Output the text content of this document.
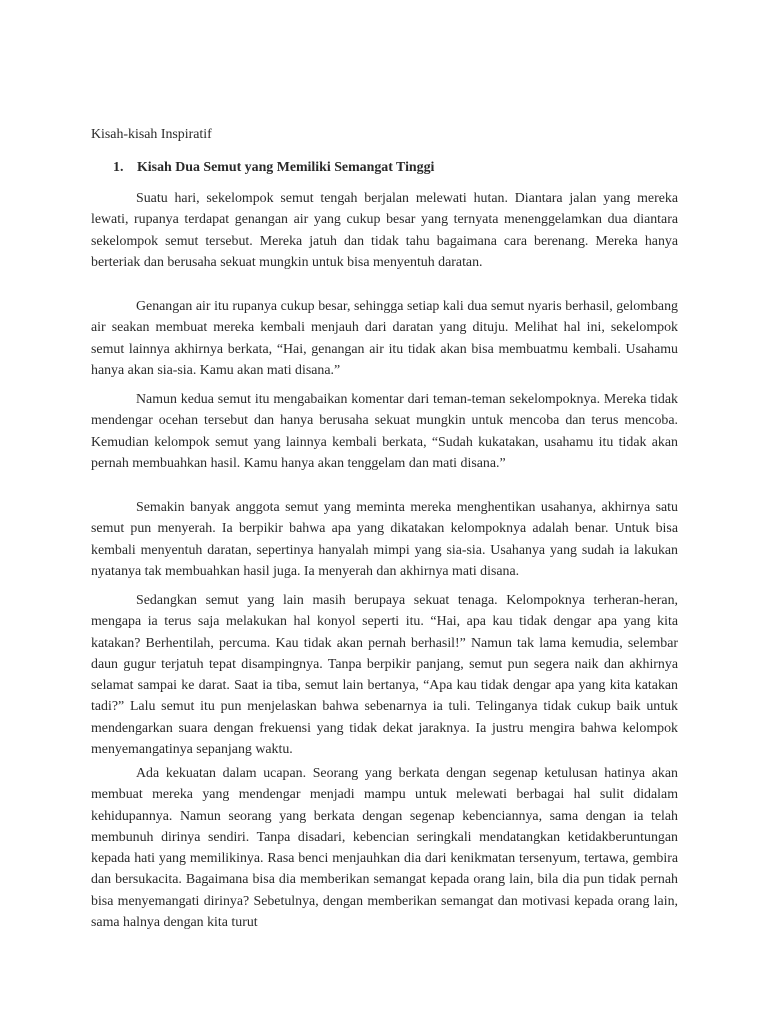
Kisah-kisah Inspiratif

1. Kisah Dua Semut yang Memiliki Semangat Tinggi

Suatu hari, sekelompok semut tengah berjalan melewati hutan. Diantara jalan yang mereka lewati, rupanya terdapat genangan air yang cukup besar yang ternyata menenggelamkan dua diantara sekelompok semut tersebut. Mereka jatuh dan tidak tahu bagaimana cara berenang. Mereka hanya berteriak dan berusaha sekuat mungkin untuk bisa menyentuh daratan.

Genangan air itu rupanya cukup besar, sehingga setiap kali dua semut nyaris berhasil, gelombang air seakan membuat mereka kembali menjauh dari daratan yang dituju. Melihat hal ini, sekelompok semut lainnya akhirnya berkata, “Hai, genangan air itu tidak akan bisa membuatmu kembali. Usahamu hanya akan sia-sia. Kamu akan mati disana.”

Namun kedua semut itu mengabaikan komentar dari teman-teman sekelompoknya. Mereka tidak mendengar ocehan tersebut dan hanya berusaha sekuat mungkin untuk mencoba dan terus mencoba. Kemudian kelompok semut yang lainnya kembali berkata, “Sudah kukatakan, usahamu itu tidak akan pernah membuahkan hasil. Kamu hanya akan tenggelam dan mati disana.”

Semakin banyak anggota semut yang meminta mereka menghentikan usahanya, akhirnya satu semut pun menyerah. Ia berpikir bahwa apa yang dikatakan kelompoknya adalah benar. Untuk bisa kembali menyentuh daratan, sepertinya hanyalah mimpi yang sia-sia. Usahanya yang sudah ia lakukan nyatanya tak membuahkan hasil juga. Ia menyerah dan akhirnya mati disana.

Sedangkan semut yang lain masih berupaya sekuat tenaga. Kelompoknya terheran-heran, mengapa ia terus saja melakukan hal konyol seperti itu. “Hai, apa kau tidak dengar apa yang kita katakan? Berhentilah, percuma. Kau tidak akan pernah berhasil!” Namun tak lama kemudia, selembar daun gugur terjatuh tepat disampingnya. Tanpa berpikir panjang, semut pun segera naik dan akhirnya selamat sampai ke darat. Saat ia tiba, semut lain bertanya, “Apa kau tidak dengar apa yang kita katakan tadi?” Lalu semut itu pun menjelaskan bahwa sebenarnya ia tuli. Telinganya tidak cukup baik untuk mendengarkan suara dengan frekuensi yang tidak dekat jaraknya. Ia justru mengira bahwa kelompok menyemangatinya sepanjang waktu.

Ada kekuatan dalam ucapan. Seorang yang berkata dengan segenap ketulusan hatinya akan membuat mereka yang mendengar menjadi mampu untuk melewati berbagai hal sulit didalam kehidupannya. Namun seorang yang berkata dengan segenap kebenciannya, sama dengan ia telah membunuh dirinya sendiri. Tanpa disadari, kebencian seringkali mendatangkan ketidakberuntungan kepada hati yang memilikinya. Rasa benci menjauhkan dia dari kenikmatan tersenyum, tertawa, gembira dan bersukacita. Bagaimana bisa dia memberikan semangat kepada orang lain, bila dia pun tidak pernah bisa menyemangati dirinya? Sebetulnya, dengan memberikan semangat dan motivasi kepada orang lain, sama halnya dengan kita turut
